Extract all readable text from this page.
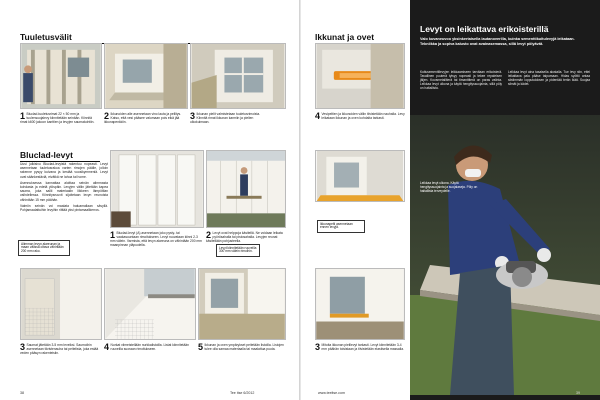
Tuuletusvälit
1 Bluclad-tuuletusrimat 22 × 50 mm ja tuulensuojalevy kiinnitetään seinään. Kiinnitä rimat k600 jakoon kanttien ja levyjen saumakohtiin.
2 Ikkunoiden alle asennetaan vino lauta ja pellitys. Katso, että vesi pääsee valumaan pois eikä jää ikkunapenkkiin.
3 Ikkunan pielit valmistetaan tuuletusrimoista. Kiinnitä rimat ikkunan karmiin ja pielien ulkokulmaan.
Ikkunat ja ovet
4 Vesipeltien ja ikkunoiden väliin tiivistetään nauhalla. Levy leikataan ikkunan ja oven kohdalta tarkasti.
Bluclad-levyt

Uusi julkisivu Bluclad-levyistä rakentuu nopeasti. Levyt asennetaan tuuletusrakoa varten rimojen päälle, jolloin rakenne pysyy kuivana ja kestää vuosikymmeniä. Levyt ovat säänkestäviä, eivätkä ne lahoa tai home.

Asennuksessa kannattaa aloittaa seinän alimmasta kohdasta ja edetä ylöspäin. Levyjen väliin jätetään kapea sauma, joka sallii materiaalin liikkeen lämpötilan vaihdellessa. Kiinnitysruuvit sijoitetaan levyn reunoista vähintään 15 mm päähän.

Valmiin seinän voi maalata haluamallaan sävyllä. Pohjamaalattuihin levyihin riittää yksi pintamaalikerros.

Alimman levyn alareunan ja maan välissä oltava vähintään 200 mm rako.
1 Bluclad-levyt (A) asennetaan joko pysty- tai vaakasuuntaan rimoitukseen. Levyt ruuvataan kiinni 2-3 mm välein. Varmista, että levyn alareuna on vähintään 200 mm maanpinnan yläpuolella.
2 Levyt ovat helppoja käsitellä. Ne voidaan leikata pyörösahalla tai pistosahalla. Levyjen reunat käsitellään pohjusteella.
Levyt kiinnitetään ruuveilla 300 mm välein rimoihin.
3 Saumat jätetään 3-5 mm leveiksi. Saumoihin asennetaan tiivistenauha tai peitelista, joka estää veden pääsyn rakenteisiin.
4 Nurkat viimeistellään nurkkalistoilla. Listat kiinnitetään ruuveilla suoraan rimoitukseen.	5 Ikkunan ja oven ympärykset peitetään listoilla. Listojen tulee olla samaa materiaalia tai maalattua puuta.
Ikkunapelti asennetaan ennen levyjä.
3 Mitoita ikkunan pielilevyt tarkasti. Levyt kiinnitetään 3-4 mm päähän toisistaan ja tiivistetään elastisella massalla.
Levyt on leikattava erikoisterillä
Valo kuvaneuvoo yksinkertaisella lautanoverilla, kuinka sementtikuitulevyjä leikataan. Tekniikka ja sopiva kalusto ovat avainasemassa, sillä levyt pölyävät.
Kuitusementtilevyjen leikkaamiseen tarvitaan erikoisterä. Tavallinen puuterä tylsyy nopeasti ja tekee repaleisen jäljen. Kovametalliterä tai timanttiterä on paras valinta. Leikkaa levyt ulkona ja käytä hengityssuojainta, sillä pöly on haitallista.
Leikkaa levyt aina tasaisella alustalla. Tue levy niin, ettei leikattava pala pääse taipumaan. Hidas syöttö antaa siistimmän lopputuloksen ja pidentää terän ikää. Suojaa silmät ja kädet.
Leikkaa levyt ulkona. Käytä hengityssuojainta ja suojalaseja. Pöly on haitallista terveydelle.
38	Tee itse 6/2012	www.teeitse.com	39
